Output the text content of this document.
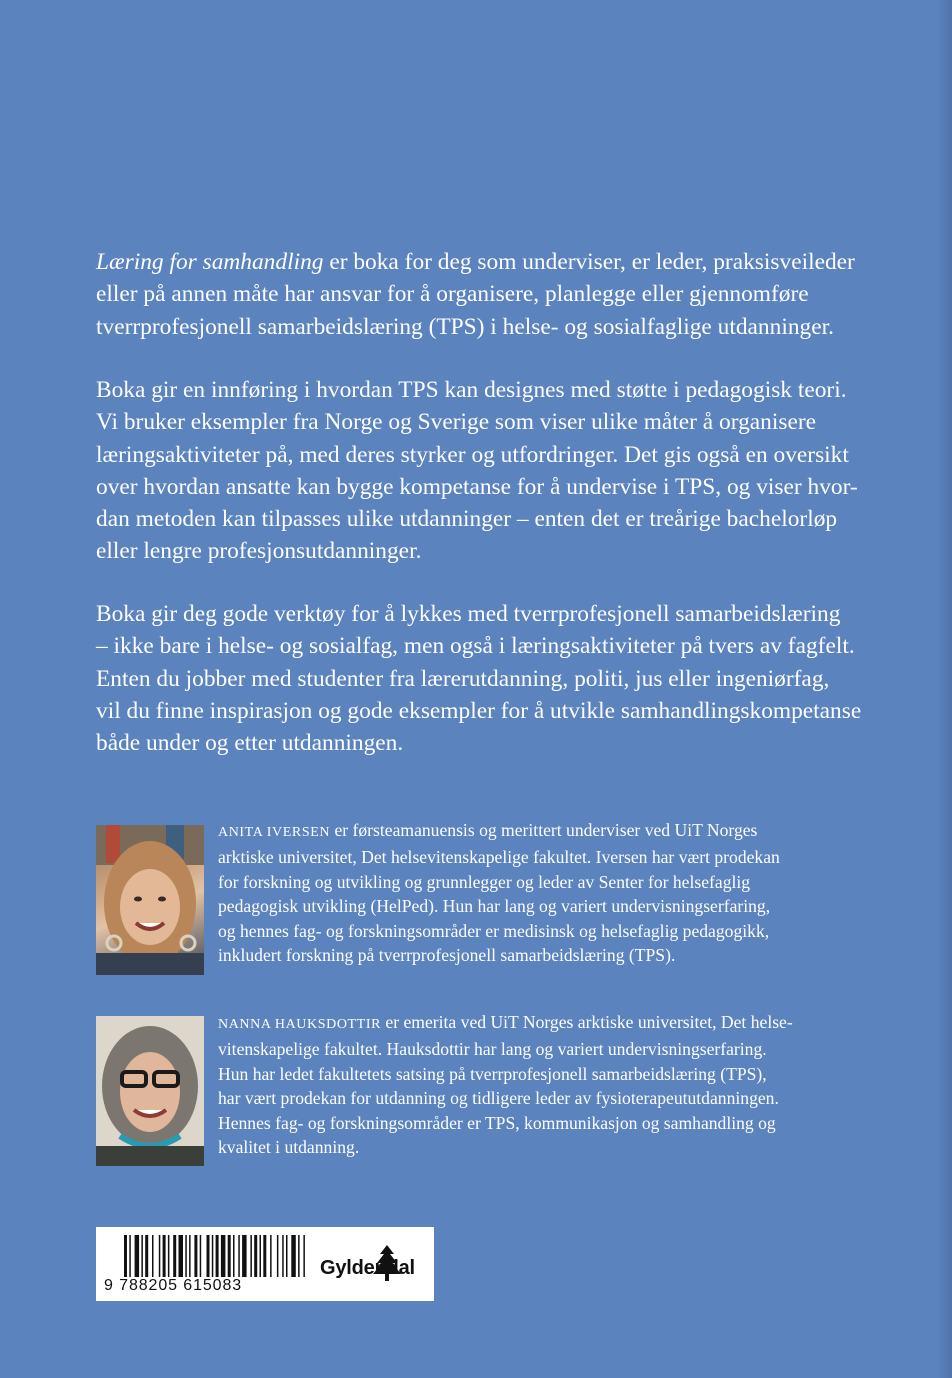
Læring for samhandling er boka for deg som underviser, er leder, praksisveileder
eller på annen måte har ansvar for å organisere, planlegge eller gjennomføre
tverrprofesjonell samarbeidslæring (TPS) i helse- og sosialfaglige utdanninger.

Boka gir en innføring i hvordan TPS kan designes med støtte i pedagogisk teori.
Vi bruker eksempler fra Norge og Sverige som viser ulike måter å organisere
læringsaktiviteter på, med deres styrker og utfordringer. Det gis også en oversikt
over hvordan ansatte kan bygge kompetanse for å undervise i TPS, og viser hvor-
dan metoden kan tilpasses ulike utdanninger – enten det er treårige bachelorløp
eller lengre profesjonsutdanninger.

Boka gir deg gode verktøy for å lykkes med tverrprofesjonell samarbeidslæring
– ikke bare i helse- og sosialfag, men også i læringsaktiviteter på tvers av fagfelt.
Enten du jobber med studenter fra lærerutdanning, politi, jus eller ingeniørfag,
vil du finne inspirasjon og gode eksempler for å utvikle samhandlingskompetanse
både under og etter utdanningen.

ANITA IVERSEN er førsteamanuensis og merittert underviser ved UiT Norges
arktiske universitet, Det helsevitenskapelige fakultet. Iversen har vært prodekan
for forskning og utvikling og grunnlegger og leder av Senter for helsefaglig
pedagogisk utvikling (HelPed). Hun har lang og variert undervisningserfaring,
og hennes fag- og forskningsområder er medisinsk og helsefaglig pedagogikk,
inkludert forskning på tverrprofesjonell samarbeidslæring (TPS).

NANNA HAUKSDOTTIR er emerita ved UiT Norges arktiske universitet, Det helse-
vitenskapelige fakultet. Hauksdottir har lang og variert undervisningserfaring.
Hun har ledet fakultetets satsing på tverrprofesjonell samarbeidslæring (TPS),
har vært prodekan for utdanning og tidligere leder av fysioterapeututdanningen.
Hennes fag- og forskningsområder er TPS, kommunikasjon og samhandling og
kvalitet i utdanning.

9 788205 615083
Gyldendal
